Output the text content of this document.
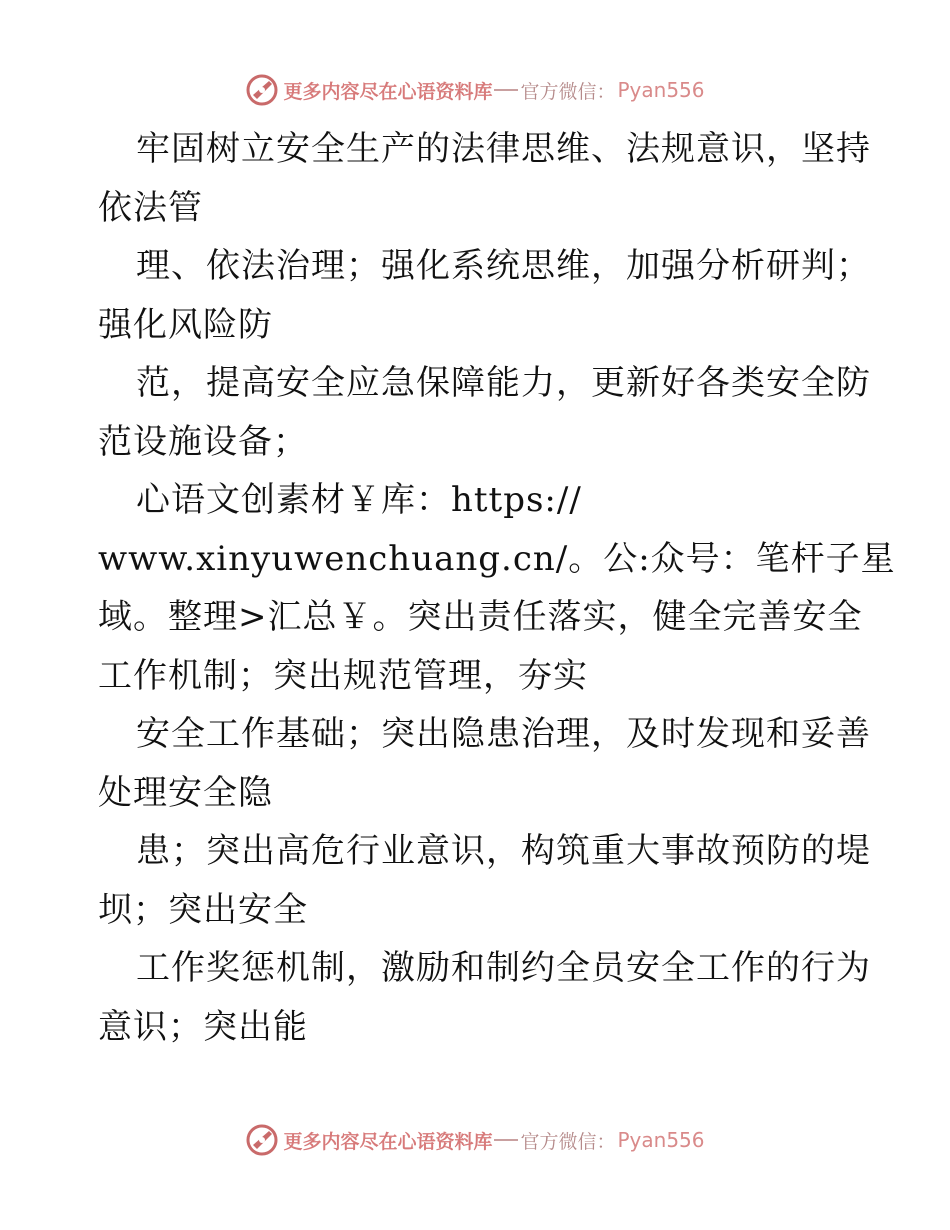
更多内容尽在心语资料库 官方微信： Pyan556
牢固树立安全生产的法律思维、法规意识，坚持
依法管
理、依法治理；强化系统思维，加强分析研判；
强化风险防
范，提高安全应急保障能力，更新好各类安全防
范设施设备；
心语文创素材￥库：https://
www.xinyuwenchuang.cn/。公:众号：笔杆子星
域。整理>汇总￥。突出责任落实，健全完善安全
工作机制；突出规范管理，夯实
安全工作基础；突出隐患治理，及时发现和妥善
处理安全隐
患；突出高危行业意识，构筑重大事故预防的堤
坝；突出安全
工作奖惩机制，激励和制约全员安全工作的行为
意识；突出能
更多内容尽在心语资料库 官方微信： Pyan556
